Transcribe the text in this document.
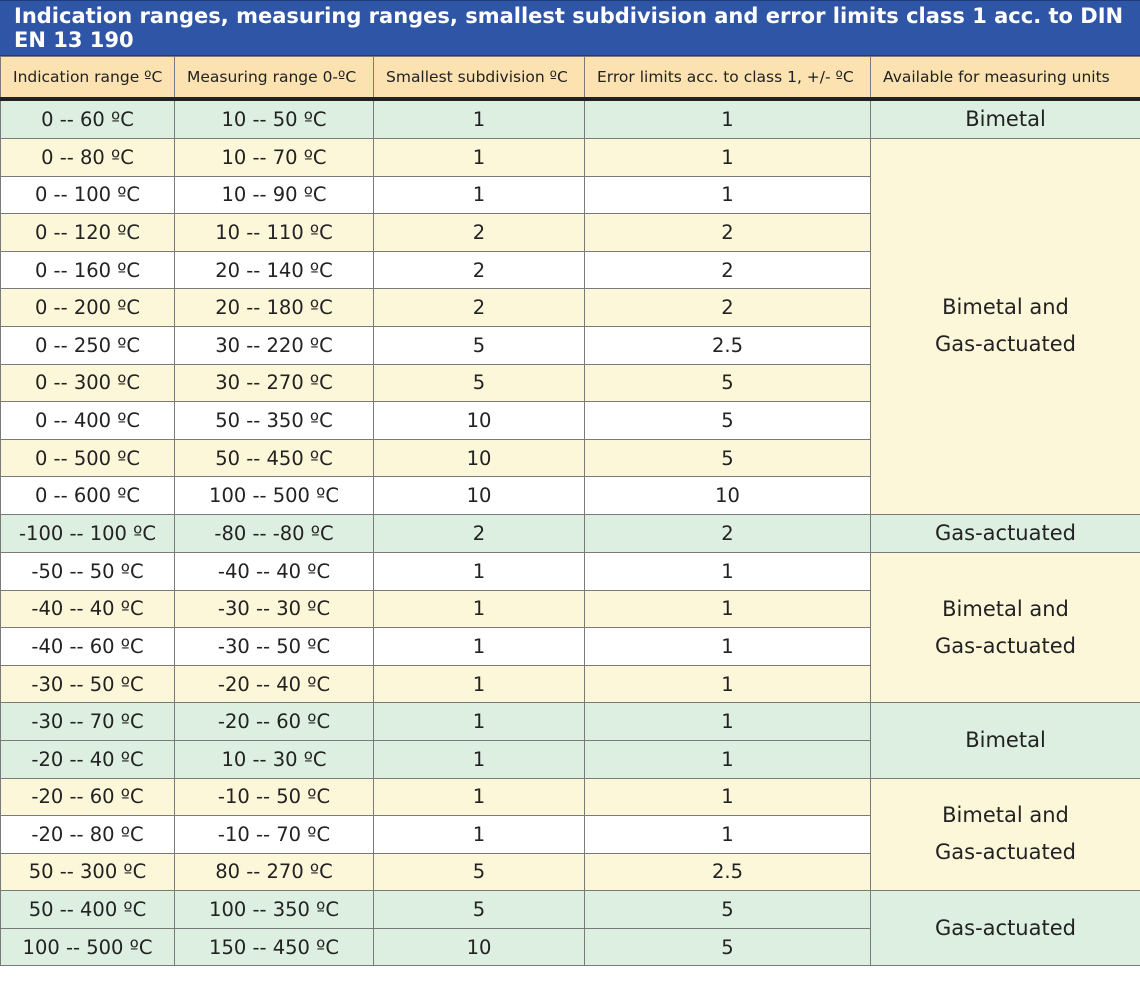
Indication ranges, measuring ranges, smallest subdivision and error limits class 1 acc. to DIN EN 13 190
Indication range ºC	Measuring range 0-ºC	Smallest subdivision ºC	Error limits acc. to class 1, +/- ºC	Available for measuring units
0 -- 60 ºC	10 -- 50 ºC	1	1	Bimetal

0 -- 80 ºC	10 -- 70 ºC	1	1	Bimetal and
Gas-actuated

0 -- 100 ºC	10 -- 90 ºC	1	1	
0 -- 120 ºC	10 -- 110 ºC	2	2	
0 -- 160 ºC	20 -- 140 ºC	2	2	
0 -- 200 ºC	20 -- 180 ºC	2	2	
0 -- 250 ºC	30 -- 220 ºC	5	2.5	
0 -- 300 ºC	30 -- 270 ºC	5	5	
0 -- 400 ºC	50 -- 350 ºC	10	5	
0 -- 500 ºC	50 -- 450 ºC	10	5	
0 -- 600 ºC	100 -- 500 ºC	10	10	
-100 -- 100 ºC	-80 -- -80 ºC	2	2	Gas-actuated

-50 -- 50 ºC	-40 -- 40 ºC	1	1	Bimetal and
Gas-actuated

-40 -- 40 ºC	-30 -- 30 ºC	1	1	
-40 -- 60 ºC	-30 -- 50 ºC	1	1	
-30 -- 50 ºC	-20 -- 40 ºC	1	1	
-30 -- 70 ºC	-20 -- 60 ºC	1	1	Bimetal

-20 -- 40 ºC	10 -- 30 ºC	1	1	
-20 -- 60 ºC	-10 -- 50 ºC	1	1	Bimetal and
Gas-actuated

-20 -- 80 ºC	-10 -- 70 ºC	1	1	
50 -- 300 ºC	80 -- 270 ºC	5	2.5	
50 -- 400 ºC	100 -- 350 ºC	5	5	Gas-actuated

100 -- 500 ºC	150 -- 450 ºC	10	5	
